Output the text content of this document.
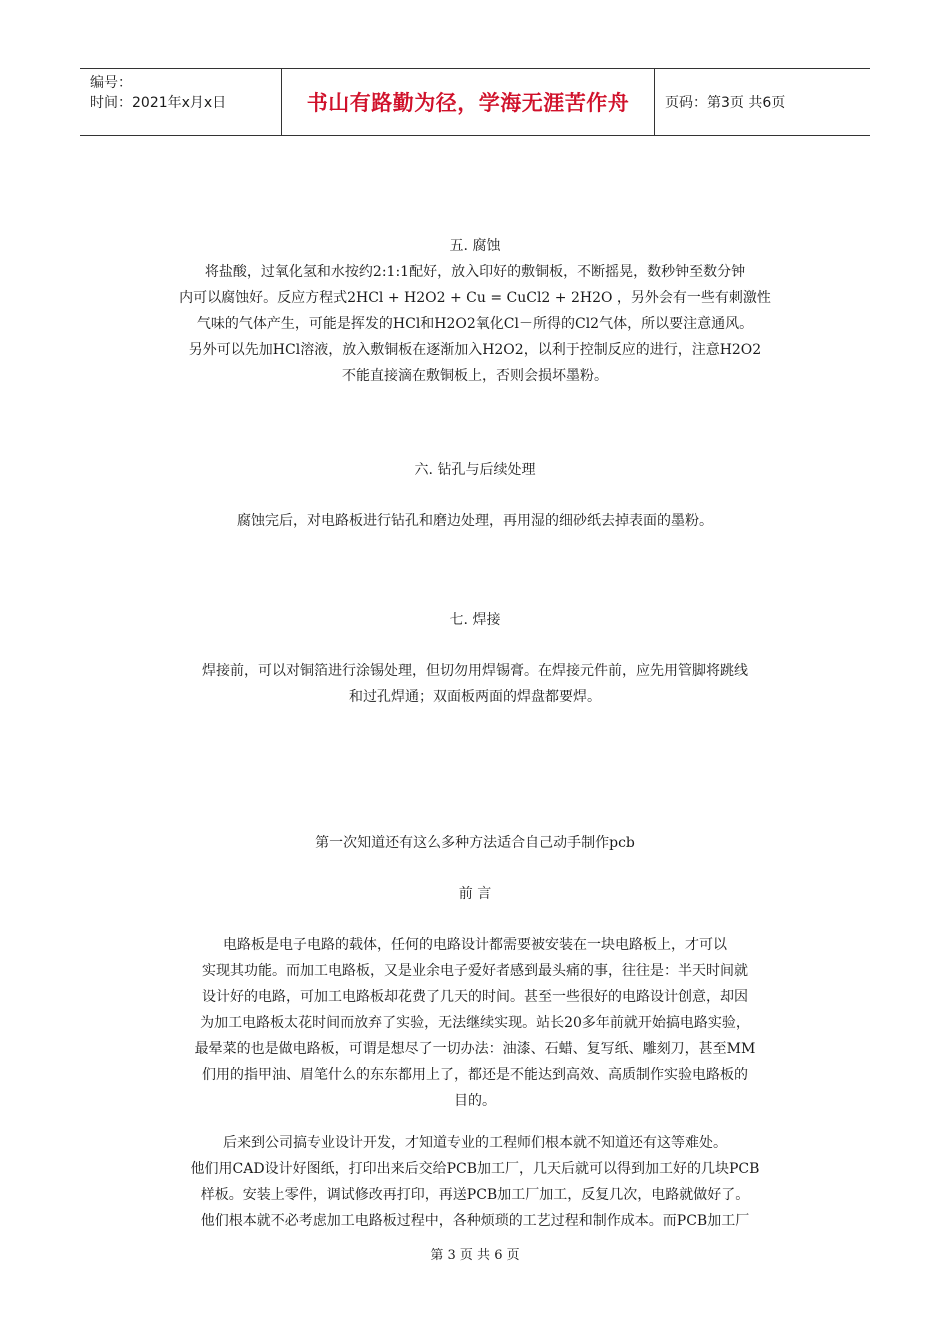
编号：
时间：2021年x月x日	书山有路勤为径，学海无涯苦作舟	页码：第3页 共6页
五. 腐蚀
将盐酸，过氧化氢和水按约2:1:1配好，放入印好的敷铜板，不断摇晃，数秒钟至数分钟
内可以腐蚀好。反应方程式2HCl + H2O2 + Cu = CuCl2 + 2H2O ，另外会有一些有刺激性
气味的气体产生，可能是挥发的HCl和H2O2氧化Cl－所得的Cl2气体，所以要注意通风。
另外可以先加HCl溶液，放入敷铜板在逐渐加入H2O2，以利于控制反应的进行，注意H2O2
不能直接滴在敷铜板上，否则会损坏墨粉。
六. 钻孔与后续处理
腐蚀完后，对电路板进行钻孔和磨边处理，再用湿的细砂纸去掉表面的墨粉。
七. 焊接
焊接前，可以对铜箔进行涂锡处理，但切勿用焊锡膏。在焊接元件前，应先用管脚将跳线
和过孔焊通；双面板两面的焊盘都要焊。
第一次知道还有这么多种方法适合自己动手制作pcb
前 言
电路板是电子电路的载体，任何的电路设计都需要被安装在一块电路板上，才可以
实现其功能。而加工电路板，又是业余电子爱好者感到最头痛的事，往往是：半天时间就
设计好的电路，可加工电路板却花费了几天的时间。甚至一些很好的电路设计创意，却因
为加工电路板太花时间而放弃了实验，无法继续实现。站长20多年前就开始搞电路实验，
最晕菜的也是做电路板，可谓是想尽了一切办法：油漆、石蜡、复写纸、雕刻刀，甚至MM
们用的指甲油、眉笔什么的东东都用上了，都还是不能达到高效、高质制作实验电路板的
目的。
后来到公司搞专业设计开发，才知道专业的工程师们根本就不知道还有这等难处。
他们用CAD设计好图纸，打印出来后交给PCB加工厂，几天后就可以得到加工好的几块PCB
样板。安装上零件，调试修改再打印，再送PCB加工厂加工，反复几次，电路就做好了。
他们根本就不必考虑加工电路板过程中，各种烦琐的工艺过程和制作成本。而PCB加工厂
第 3 页 共 6 页
